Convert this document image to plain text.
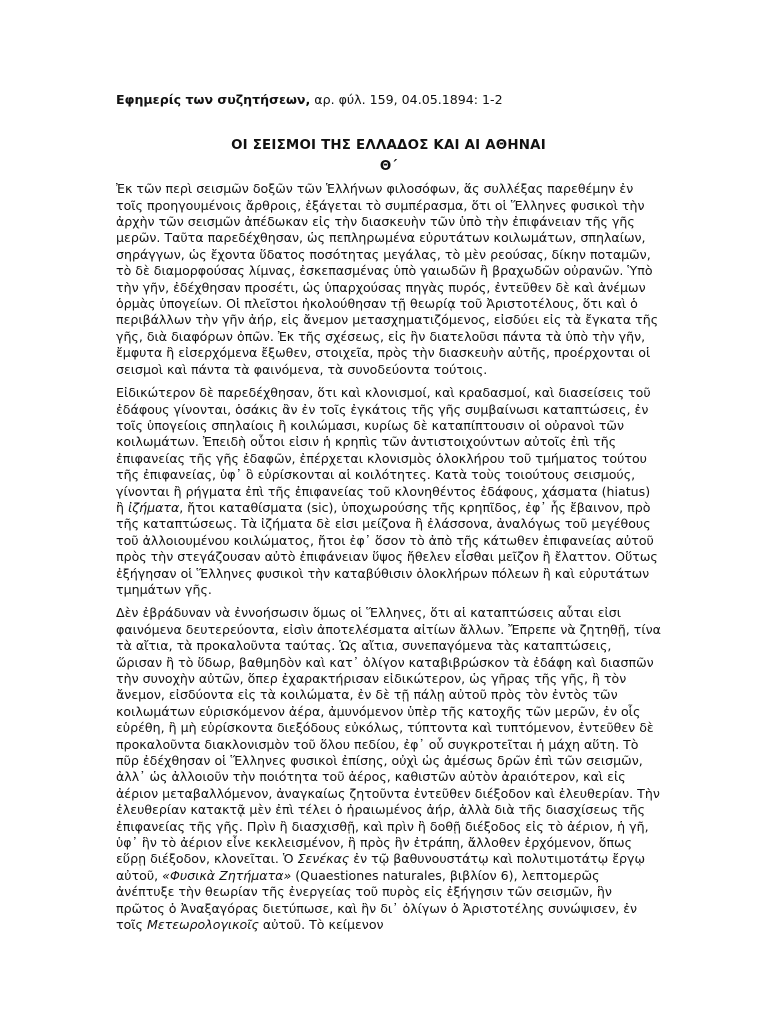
Εφημερίς των συζητήσεων, αρ. φύλ. 159, 04.05.1894: 1-2

ΟΙ ΣΕΙΣΜΟΙ ΤΗΣ ΕΛΛΑΔΟΣ ΚΑΙ ΑΙ ΑΘΗΝΑΙ
Θ΄

Ἐκ τῶν περὶ σεισμῶν δοξῶν τῶν Ἑλλήνων φιλοσόφων, ἅς συλλέξας παρεθέμην ἐν τοῖς προηγουμένοις ἄρθροις, ἐξάγεται τὸ συμπέρασμα, ὅτι οἱ Ἕλληνες φυσικοὶ τὴν ἀρχὴν τῶν σεισμῶν ἀπέδωκαν εἰς τὴν διασκευὴν τῶν ὑπὸ τὴν ἐπιφάνειαν τῆς γῆς μερῶν. Ταῦτα παρεδέχθησαν, ὡς πεπληρωμένα εὐρυτάτων κοιλωμάτων, σπηλαίων, σηράγγων, ὡς ἔχοντα ὕδατος ποσότητας μεγάλας, τὸ μὲν ρεούσας, δίκην ποταμῶν, τὸ δὲ διαμορφούσας λίμνας, ἐσκεπασμένας ὑπὸ γαιωδῶν ἢ βραχωδῶν οὐρανῶν. Ὑπὸ τὴν γῆν, ἐδέχθησαν προσέτι, ὡς ὑπαρχούσας πηγὰς πυρός, ἐντεῦθεν δὲ καὶ ἀνέμων ὁρμὰς ὑπογείων. Οἱ πλεῖστοι ἠκολούθησαν τῇ θεωρίᾳ τοῦ Ἀριστοτέλους, ὅτι καὶ ὁ περιβάλλων τὴν γῆν ἀήρ, εἰς ἄνεμον μετασχηματιζόμενος, εἰσδύει εἰς τὰ ἔγκατα τῆς γῆς, διὰ διαφόρων ὀπῶν. Ἐκ τῆς σχέσεως, εἰς ἣν διατελοῦσι πάντα τὰ ὑπὸ τὴν γῆν, ἔμφυτα ἢ εἰσερχόμενα ἔξωθεν, στοιχεῖα, πρὸς τὴν διασκευὴν αὐτῆς, προέρχονται οἱ σεισμοὶ καὶ πάντα τὰ φαινόμενα, τὰ συνοδεύοντα τούτοις.

Εἰδικώτερον δὲ παρεδέχθησαν, ὅτι καὶ κλονισμοί, καὶ κραδασμοί, καὶ διασείσεις τοῦ ἐδάφους γίνονται, ὁσάκις ἂν ἐν τοῖς ἐγκάτοις τῆς γῆς συμβαίνωσι καταπτώσεις, ἐν τοῖς ὑπογείοις σπηλαίοις ἢ κοιλώμασι, κυρίως δὲ καταπίπτουσιν οἱ οὐρανοὶ τῶν κοιλωμάτων. Ἐπειδὴ οὗτοι εἰσιν ἡ κρηπὶς τῶν ἀντιστοιχούντων αὐτοῖς ἐπὶ τῆς ἐπιφανείας τῆς γῆς ἐδαφῶν, ἐπέρχεται κλονισμὸς ὁλοκλήρου τοῦ τμήματος τούτου τῆς ἐπιφανείας, ὑφ᾽ ὃ εὑρίσκονται αἱ κοιλότητες. Κατὰ τοὺς τοιούτους σεισμούς, γίνονται ἢ ρήγματα ἐπὶ τῆς ἐπιφανείας τοῦ κλονηθέντος ἐδάφους, χάσματα (hiatus) ἢ ἰζήματα, ἤτοι καταθίσματα (sic), ὑποχωρούσης τῆς κρηπῖδος, ἐφ᾽ ἧς ἔβαινον, πρὸ τῆς καταπτώσεως. Τὰ ἰζήματα δὲ εἰσι μείζονα ἢ ἐλάσσονα, ἀναλόγως τοῦ μεγέθους τοῦ ἀλλοιουμένου κοιλώματος, ἤτοι ἐφ᾽ ὅσον τὸ ἀπὸ τῆς κάτωθεν ἐπιφανείας αὐτοῦ πρὸς τὴν στεγάζουσαν αὐτὸ ἐπιφάνειαν ὕψος ἤθελεν εἶσθαι μεῖζον ἢ ἔλαττον. Οὕτως ἐξήγησαν οἱ Ἕλληνες φυσικοὶ τὴν καταβύθισιν ὁλοκλήρων πόλεων ἢ καὶ εὐρυτάτων τμημάτων γῆς.

Δὲν ἐβράδυναν νὰ ἐννοήσωσιν ὅμως οἱ Ἕλληνες, ὅτι αἱ καταπτώσεις αὗται εἰσι φαινόμενα δευτερεύοντα, εἰσὶν ἀποτελέσματα αἰτίων ἄλλων. Ἔπρεπε νὰ ζητηθῇ, τίνα τὰ αἴτια, τὰ προκαλοῦντα ταύτας. Ὡς αἴτια, συνεπαγόμενα τὰς καταπτώσεις, ὥρισαν ἢ τὸ ὕδωρ, βαθμηδὸν καὶ κατ᾽ ὀλίγον καταβιβρώσκον τὰ ἐδάφη καὶ διασπῶν τὴν συνοχὴν αὐτῶν, ὅπερ ἐχαρακτήρισαν εἰδικώτερον, ὡς γῆρας τῆς γῆς, ἢ τὸν ἄνεμον, εἰσδύοντα εἰς τὰ κοιλώματα, ἐν δὲ τῇ πάλῃ αὐτοῦ πρὸς τὸν ἐντὸς τῶν κοιλωμάτων εὑρισκόμενον ἀέρα, ἀμυνόμενον ὑπὲρ τῆς κατοχῆς τῶν μερῶν, ἐν οἷς εὑρέθη, ἢ μὴ εὑρίσκοντα διεξόδους εὐκόλως, τύπτοντα καὶ τυπτόμενον, ἐντεῦθεν δὲ προκαλοῦντα διακλονισμὸν τοῦ ὅλου πεδίου, ἐφ᾽ οὗ συγκροτεῖται ἡ μάχη αὕτη. Τὸ πῦρ ἐδέχθησαν οἱ Ἕλληνες φυσικοὶ ἐπίσης, οὐχὶ ὡς ἀμέσως δρῶν ἐπὶ τῶν σεισμῶν, ἀλλ᾽ ὡς ἀλλοιοῦν τὴν ποιότητα τοῦ ἀέρος, καθιστῶν αὐτὸν ἀραιότερον, καὶ εἰς ἀέριον μεταβαλλόμενον, ἀναγκαίως ζητοῦντα ἐντεῦθεν διέξοδον καὶ ἐλευθερίαν. Τὴν ἐλευθερίαν κατακτᾷ μὲν ἐπὶ τέλει ὁ ἠραιωμένος ἀήρ, ἀλλὰ διὰ τῆς διασχίσεως τῆς ἐπιφανείας τῆς γῆς. Πρὶν ἢ διασχισθῇ, καὶ πρὶν ἢ δοθῇ διέξοδος εἰς τὸ ἀέριον, ἡ γῆ, ὑφ᾽ ἣν τὸ ἀέριον εἶνε κεκλεισμένον, ἢ πρὸς ἣν ἐτράπη, ἄλλοθεν ἐρχόμενον, ὅπως εὕρῃ διέξοδον, κλονεῖται. Ὁ Σενέκας ἐν τῷ βαθυνουστάτῳ καὶ πολυτιμοτάτῳ ἔργῳ αὐτοῦ, «Φυσικὰ Ζητήματα» (Quaestiones naturales, βιβλίον 6), λεπτομερῶς ἀνέπτυξε τὴν θεωρίαν τῆς ἐνεργείας τοῦ πυρὸς εἰς ἐξήγησιν τῶν σεισμῶν, ἣν πρῶτος ὁ Ἀναξαγόρας διετύπωσε, καὶ ἣν δι᾽ ὀλίγων ὁ Ἀριστοτέλης συνώψισεν, ἐν τοῖς Μετεωρολογικοῖς αὐτοῦ. Τὸ κείμενον
